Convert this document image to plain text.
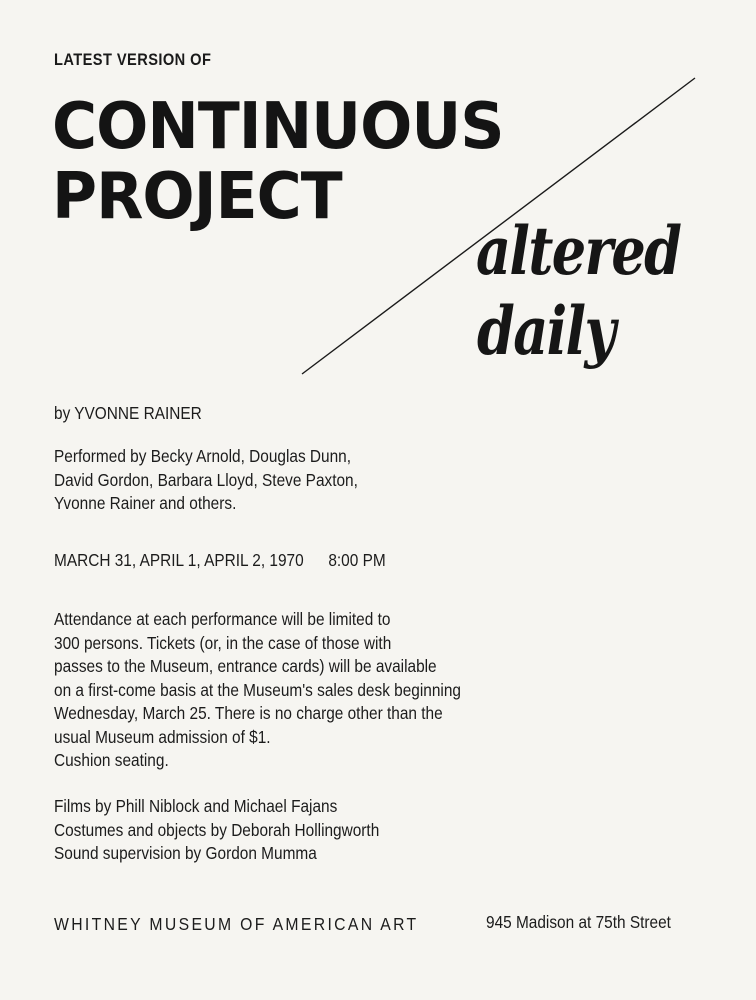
LATEST VERSION OF
CONTINUOUS
PROJECT
altered
daily
by YVONNE RAINER
Performed by Becky Arnold, Douglas Dunn,
David Gordon, Barbara Lloyd, Steve Paxton,
Yvonne Rainer and others.
MARCH 31, APRIL 1, APRIL 2, 1970 8:00 PM
Attendance at each performance will be limited to
300 persons. Tickets (or, in the case of those with
passes to the Museum, entrance cards) will be available
on a first-come basis at the Museum's sales desk beginning
Wednesday, March 25. There is no charge other than the
usual Museum admission of $1.
Cushion seating.
Films by Phill Niblock and Michael Fajans
Costumes and objects by Deborah Hollingworth
Sound supervision by Gordon Mumma
WHITNEY MUSEUM OF AMERICAN ART	945 Madison at 75th Street
